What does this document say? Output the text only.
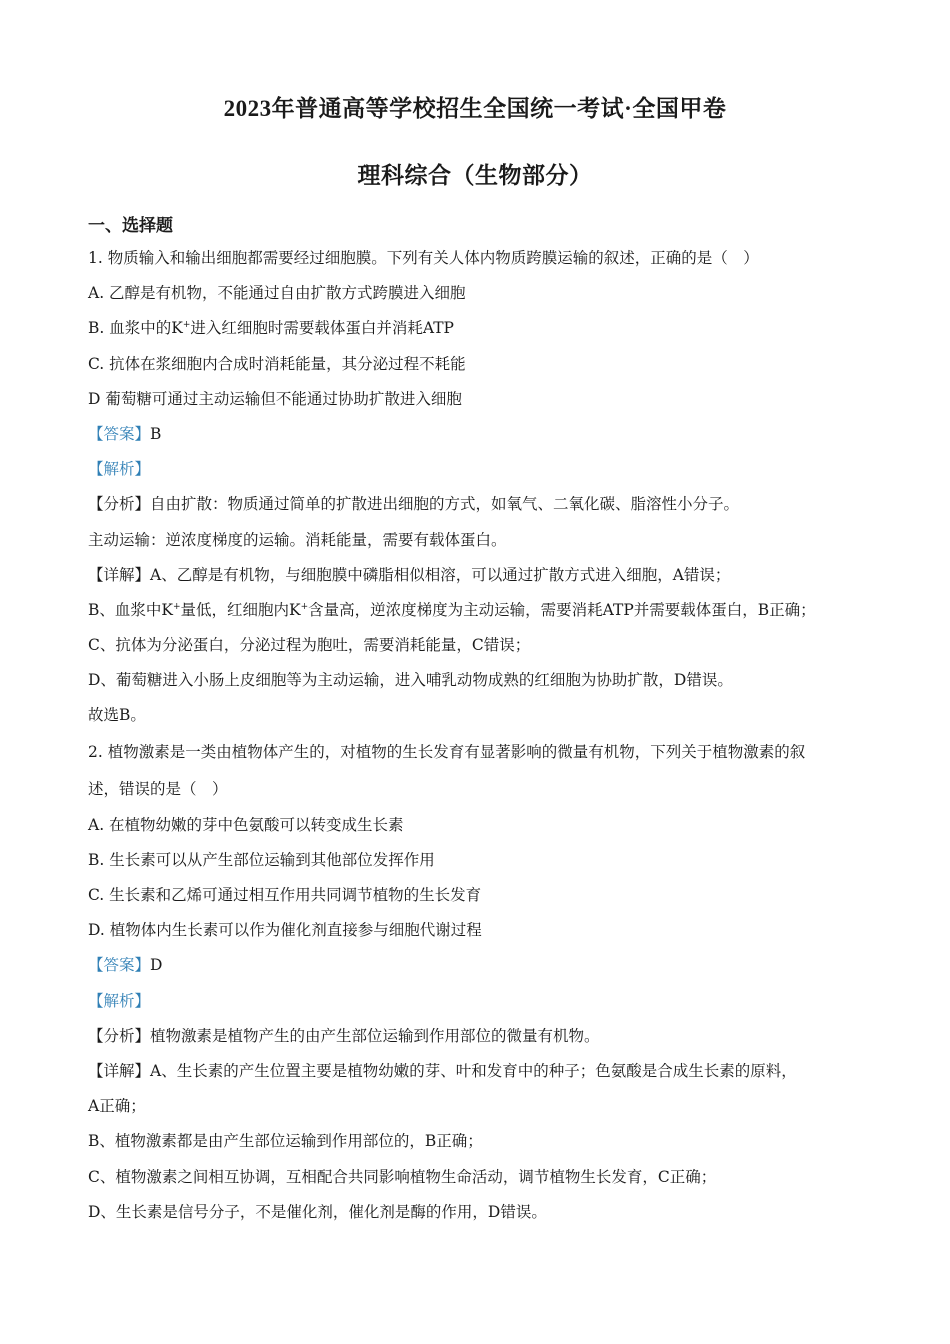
2023年普通高等学校招生全国统一考试·全国甲卷
理科综合（生物部分）
一、选择题
1. 物质输入和输出细胞都需要经过细胞膜。下列有关人体内物质跨膜运输的叙述，正确的是（　）
A. 乙醇是有机物，不能通过自由扩散方式跨膜进入细胞
B. 血浆中的K+进入红细胞时需要载体蛋白并消耗ATP
C. 抗体在浆细胞内合成时消耗能量，其分泌过程不耗能
D 葡萄糖可通过主动运输但不能通过协助扩散进入细胞
【答案】B
【解析】
【分析】自由扩散：物质通过简单的扩散进出细胞的方式，如氧气、二氧化碳、脂溶性小分子。
主动运输：逆浓度梯度的运输。消耗能量，需要有载体蛋白。
【详解】A、乙醇是有机物，与细胞膜中磷脂相似相溶，可以通过扩散方式进入细胞，A错误；
B、血浆中K+量低，红细胞内K+含量高，逆浓度梯度为主动运输，需要消耗ATP并需要载体蛋白，B正确；
C、抗体为分泌蛋白，分泌过程为胞吐，需要消耗能量，C错误；
D、葡萄糖进入小肠上皮细胞等为主动运输，进入哺乳动物成熟的红细胞为协助扩散，D错误。
故选B。
2. 植物激素是一类由植物体产生的，对植物的生长发育有显著影响的微量有机物，下列关于植物激素的叙
述，错误的是（　）
A. 在植物幼嫩的芽中色氨酸可以转变成生长素
B. 生长素可以从产生部位运输到其他部位发挥作用
C. 生长素和乙烯可通过相互作用共同调节植物的生长发育
D. 植物体内生长素可以作为催化剂直接参与细胞代谢过程
【答案】D
【解析】
【分析】植物激素是植物产生的由产生部位运输到作用部位的微量有机物。
【详解】A、生长素的产生位置主要是植物幼嫩的芽、叶和发育中的种子；色氨酸是合成生长素的原料，
A正确；
B、植物激素都是由产生部位运输到作用部位的，B正确；
C、植物激素之间相互协调，互相配合共同影响植物生命活动，调节植物生长发育，C正确；
D、生长素是信号分子，不是催化剂，催化剂是酶的作用，D错误。
